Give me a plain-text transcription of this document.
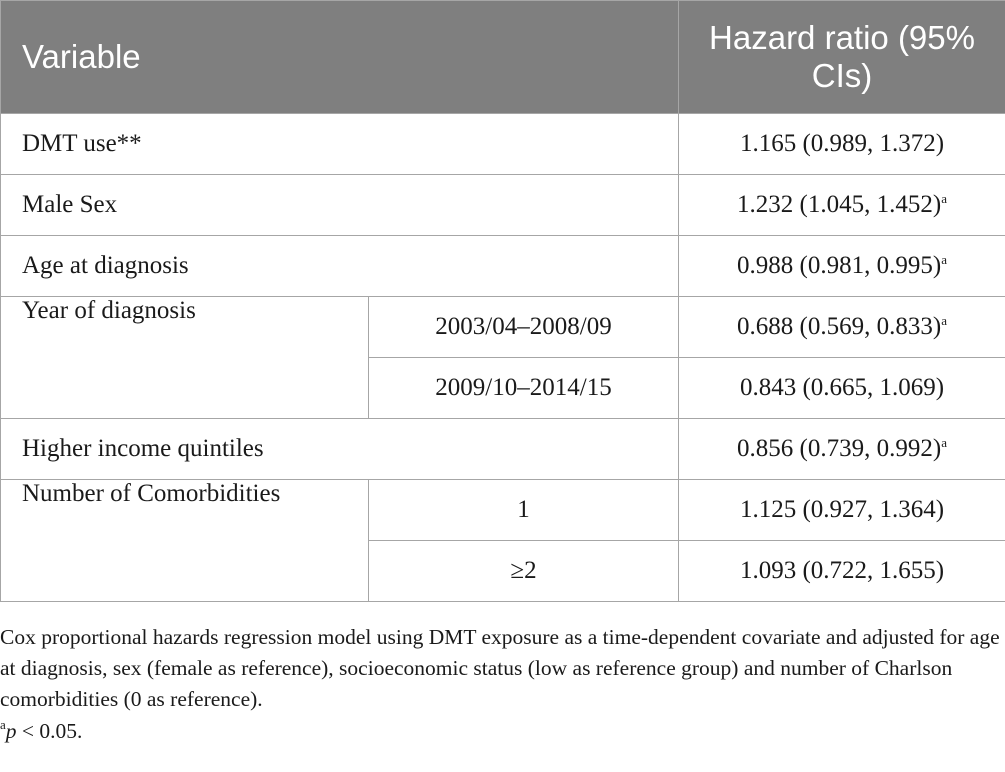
Variable		Hazard ratio (95% CIs)
DMT use**		1.165 (0.989, 1.372)
Male Sex		1.232 (1.045, 1.452)$^a$
Age at diagnosis		0.988 (0.981, 0.995)$^a$
Year of diagnosis	2003/04–2008/09	0.688 (0.569, 0.833)$^a$
	2009/10–2014/15	0.843 (0.665, 1.069)
Higher income quintiles		0.856 (0.739, 0.992)$^a$
Number of Comorbidities	1	1.125 (0.927, 1.364)
	≥2	1.093 (0.722, 1.655)

Cox proportional hazards regression model using DMT exposure as a time-dependent covariate and adjusted for age at diagnosis, sex (female as reference), socioeconomic status (low as reference group) and number of Charlson comorbidities (0 as reference).

$^a$p < 0.05.
